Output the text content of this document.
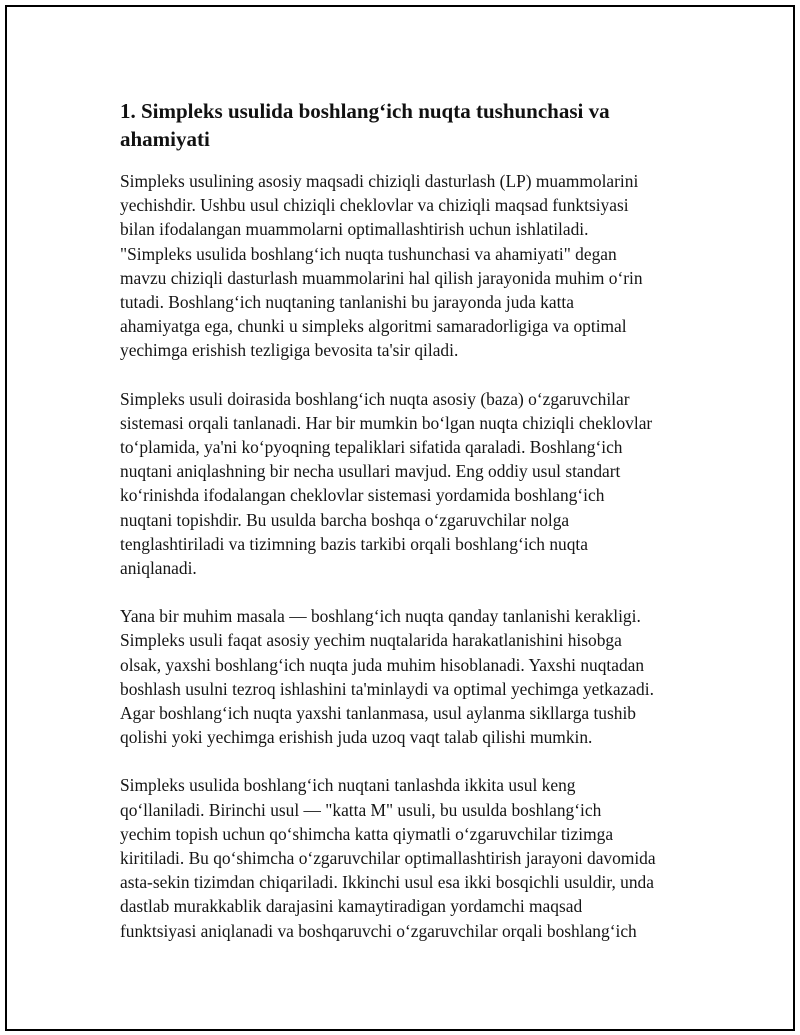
1. Simpleks usulida boshlang‘ich nuqta tushunchasi va
ahamiyati

Simpleks usulining asosiy maqsadi chiziqli dasturlash (LP) muammolarini
yechishdir. Ushbu usul chiziqli cheklovlar va chiziqli maqsad funktsiyasi
bilan ifodalangan muammolarni optimallashtirish uchun ishlatiladi.
"Simpleks usulida boshlang‘ich nuqta tushunchasi va ahamiyati" degan
mavzu chiziqli dasturlash muammolarini hal qilish jarayonida muhim o‘rin
tutadi. Boshlang‘ich nuqtaning tanlanishi bu jarayonda juda katta
ahamiyatga ega, chunki u simpleks algoritmi samaradorligiga va optimal
yechimga erishish tezligiga bevosita ta'sir qiladi.

Simpleks usuli doirasida boshlang‘ich nuqta asosiy (baza) o‘zgaruvchilar
sistemasi orqali tanlanadi. Har bir mumkin bo‘lgan nuqta chiziqli cheklovlar
to‘plamida, ya'ni ko‘pyoqning tepaliklari sifatida qaraladi. Boshlang‘ich
nuqtani aniqlashning bir necha usullari mavjud. Eng oddiy usul standart
ko‘rinishda ifodalangan cheklovlar sistemasi yordamida boshlang‘ich
nuqtani topishdir. Bu usulda barcha boshqa o‘zgaruvchilar nolga
tenglashtiriladi va tizimning bazis tarkibi orqali boshlang‘ich nuqta
aniqlanadi.

Yana bir muhim masala — boshlang‘ich nuqta qanday tanlanishi kerakligi.
Simpleks usuli faqat asosiy yechim nuqtalarida harakatlanishini hisobga
olsak, yaxshi boshlang‘ich nuqta juda muhim hisoblanadi. Yaxshi nuqtadan
boshlash usulni tezroq ishlashini ta'minlaydi va optimal yechimga yetkazadi.
Agar boshlang‘ich nuqta yaxshi tanlanmasa, usul aylanma sikllarga tushib
qolishi yoki yechimga erishish juda uzoq vaqt talab qilishi mumkin.

Simpleks usulida boshlang‘ich nuqtani tanlashda ikkita usul keng
qo‘llaniladi. Birinchi usul — "katta M" usuli, bu usulda boshlang‘ich
yechim topish uchun qo‘shimcha katta qiymatli o‘zgaruvchilar tizimga
kiritiladi. Bu qo‘shimcha o‘zgaruvchilar optimallashtirish jarayoni davomida
asta-sekin tizimdan chiqariladi. Ikkinchi usul esa ikki bosqichli usuldir, unda
dastlab murakkablik darajasini kamaytiradigan yordamchi maqsad
funktsiyasi aniqlanadi va boshqaruvchi o‘zgaruvchilar orqali boshlang‘ich
